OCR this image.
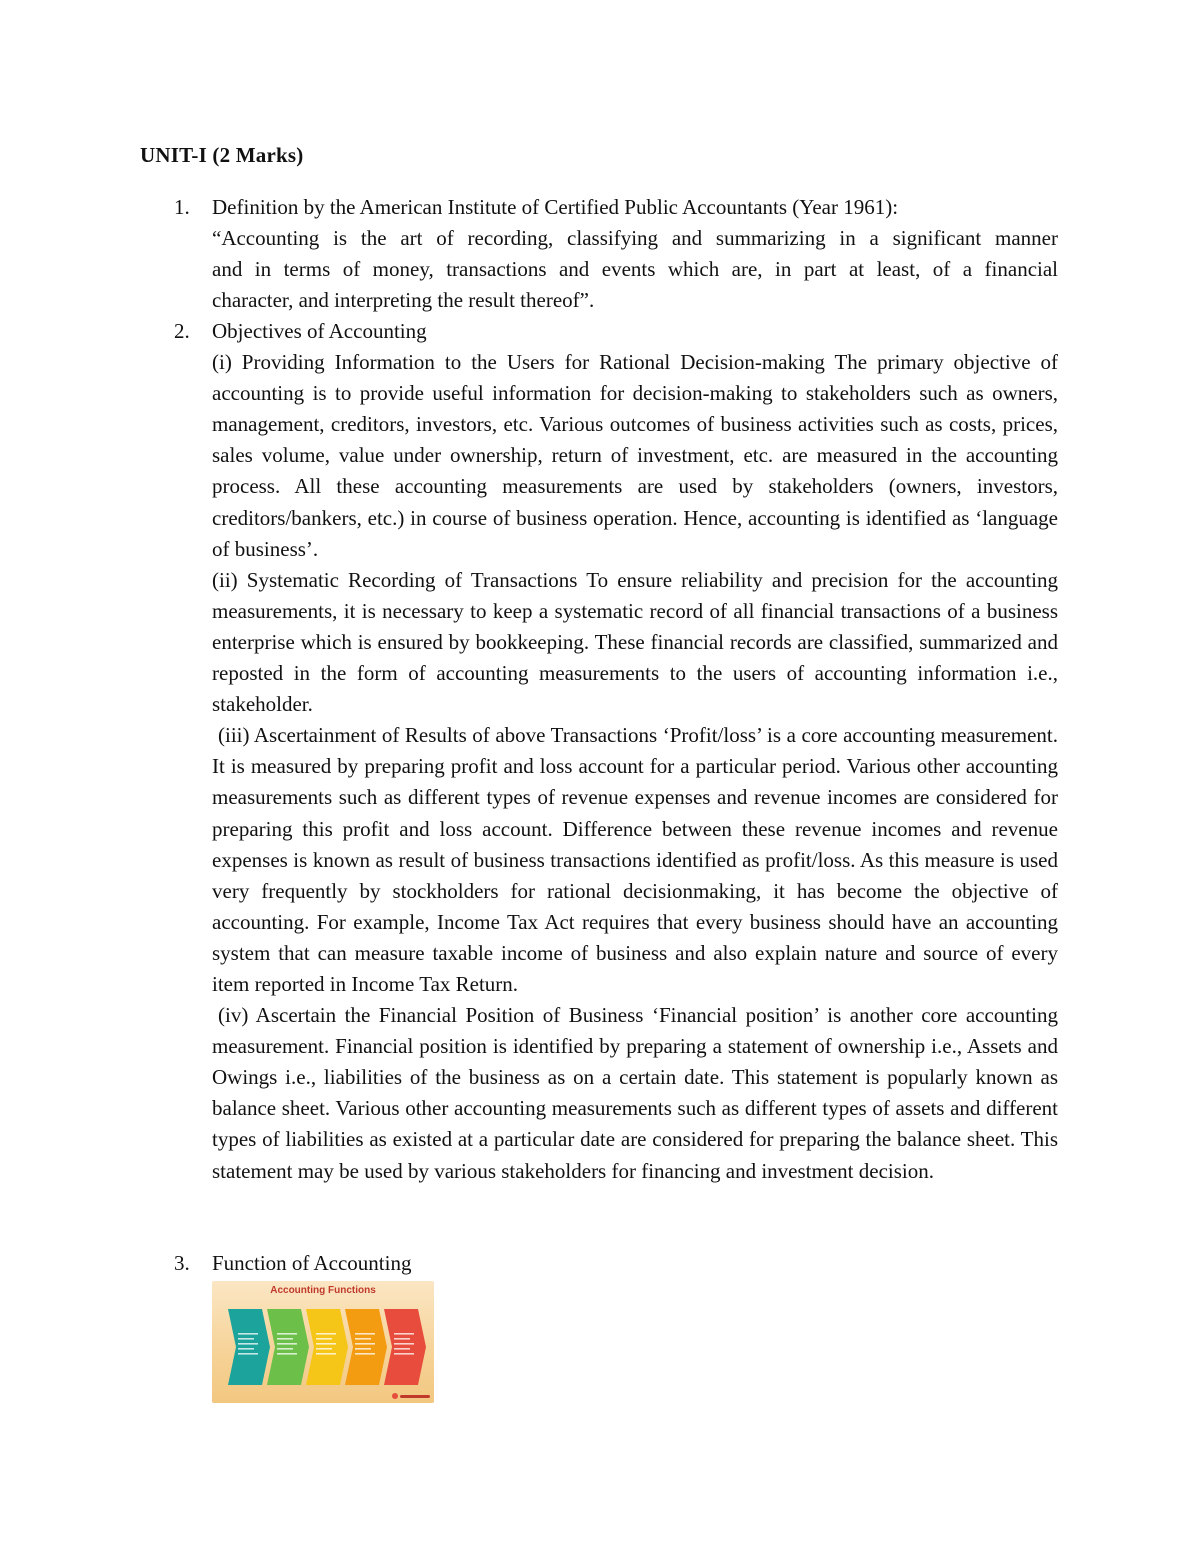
UNIT-I (2 Marks)
1. Definition by the American Institute of Certified Public Accountants (Year 1961):
“Accounting is the art of recording, classifying and summarizing in a significant manner
and in terms of money, transactions and events which are, in part at least, of a financial
character, and interpreting the result thereof”.
2. Objectives of Accounting

(i) Providing Information to the Users for Rational Decision-making The primary objective of accounting is to provide useful information for decision-making to stakeholders such as owners, management, creditors, investors, etc. Various outcomes of business activities such as costs, prices, sales volume, value under ownership, return of investment, etc. are measured in the accounting process. All these accounting measurements are used by stakeholders (owners, investors, creditors/bankers, etc.) in course of business operation. Hence, accounting is identified as ‘language of business’.

(ii) Systematic Recording of Transactions To ensure reliability and precision for the accounting measurements, it is necessary to keep a systematic record of all financial transactions of a business enterprise which is ensured by bookkeeping. These financial records are classified, summarized and reposted in the form of accounting measurements to the users of accounting information i.e., stakeholder.

(iii) Ascertainment of Results of above Transactions ‘Profit/loss’ is a core accounting measurement. It is measured by preparing profit and loss account for a particular period. Various other accounting measurements such as different types of revenue expenses and revenue incomes are considered for preparing this profit and loss account. Difference between these revenue incomes and revenue expenses is known as result of business transactions identified as profit/loss. As this measure is used very frequently by stockholders for rational decisionmaking, it has become the objective of accounting. For example, Income Tax Act requires that every business should have an accounting system that can measure taxable income of business and also explain nature and source of every item reported in Income Tax Return.

(iv) Ascertain the Financial Position of Business ‘Financial position’ is another core accounting measurement. Financial position is identified by preparing a statement of ownership i.e., Assets and Owings i.e., liabilities of the business as on a certain date. This statement is popularly known as balance sheet. Various other accounting measurements such as different types of assets and different types of liabilities as existed at a particular date are considered for preparing the balance sheet. This statement may be used by various stakeholders for financing and investment decision.

3. Function of Accounting

Accounting Functions
